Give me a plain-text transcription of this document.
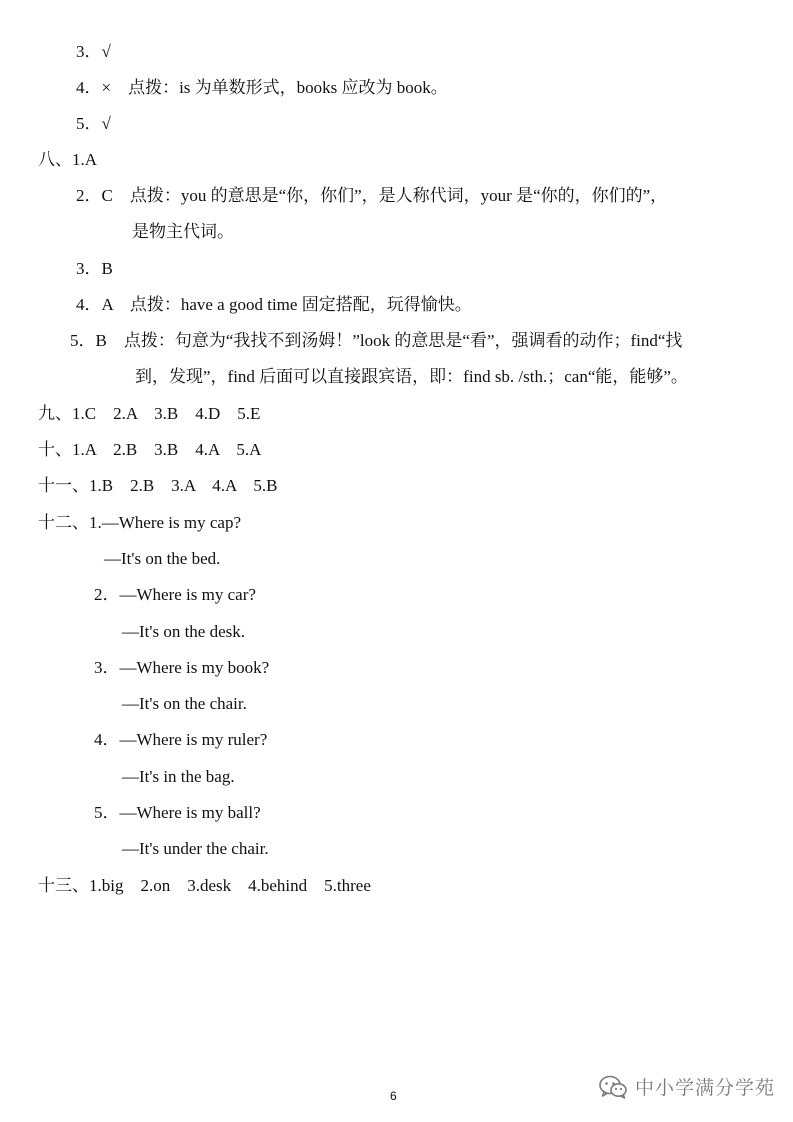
3．√
4．×　点拨：is 为单数形式，books 应改为 book。
5．√
八、1.A
2．C　点拨：you 的意思是“你，你们”，是人称代词，your 是“你的，你们的”，
是物主代词。
3．B
4．A　点拨：have a good time 固定搭配，玩得愉快。
5．B　点拨：句意为“我找不到汤姆！”look 的意思是“看”，强调看的动作；find“找
到，发现”，find 后面可以直接跟宾语，即：find sb. /sth.；can“能，能够”。
九、1.C　2.A　3.B　4.D　5.E
十、1.A　2.B　3.B　4.A　5.A
十一、1.B　2.B　3.A　4.A　5.B
十二、1.—Where is my cap?
—It's on the bed.
2．—Where is my car?
—It's on the desk.
3．—Where is my book?
—It's on the chair.
4．—Where is my ruler?
—It's in the bag.
5．—Where is my ball?
—It's under the chair.
十三、1.big　2.on　3.desk　4.behind　5.three
6	中小学满分学苑
